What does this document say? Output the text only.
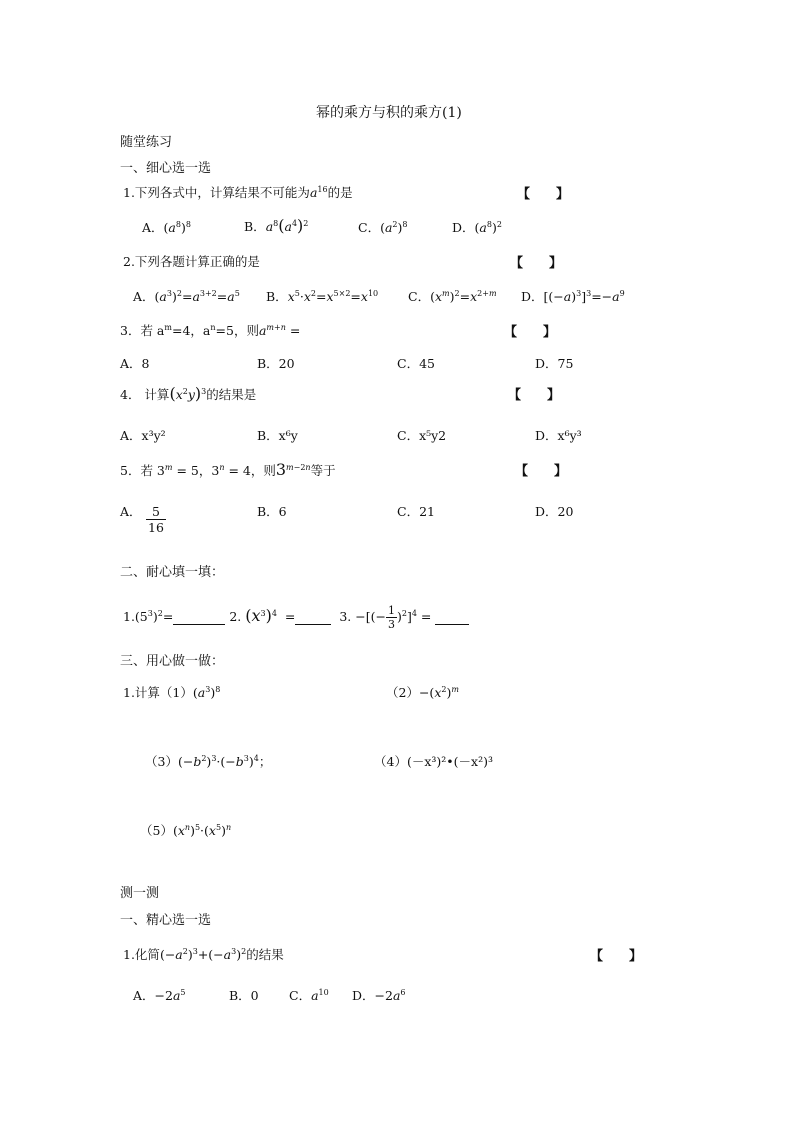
幂的乘方与积的乘方(1)
随堂练习
一、细心选一选
1.下列各式中，计算结果不可能为$a^{16}$的是	【　　】
A．$(a^8)^8$	B．$a^8(a^4)^2$	C．$(a^2)^8$	D．$(a^8)^2$
2.下列各题计算正确的是	【　　】
A．$(a^3)^2=a^{3+2}=a^5$ B．$x^5\cdot x^2=x^{5\times 2}=x^{10}$ C．$(x^m)^2=x^{2+m}$ D．$[(-a)^3]^3=-a^9$
3．若 $a^m=4$，$a^n=5$，则$a^{m+n}$ =	【　　】
A．8	B．20	C．45	D．75
4． 计算$(x^2y)^3$的结果是	【　　】
A．x³y²	B．x⁶y	C．x⁵y2	D．x⁶y³
5．若 $3^m = 5$，$3^n = 4$，则$3^{m-2n}$等于	【　　】
A． $\frac{5}{16}$	B．6	C．21	D．20
二、耐心填一填：
$1.(5^3)^2=$	2. $(x^3)^4$  =	3. −[(− $\frac{1}{3} )^2]^4$ =
三、用心做一做：
1.计算$(1)(a^3)^8$	$(2)-(x^2)^m$
$(3)(-b^2)^3\cdot(-b^3)^4$；	（4）(－x³)²•(－x²)³
$(5)(x^n)^5\cdot(x^5)^n$
测一测
一、精心选一选
1.化简$(-a^2)^3+(-a^3)^2$的结果	【　　】
A．$-2a^5$	B．0 C．$a^{10}$ D．$-2a^6$
